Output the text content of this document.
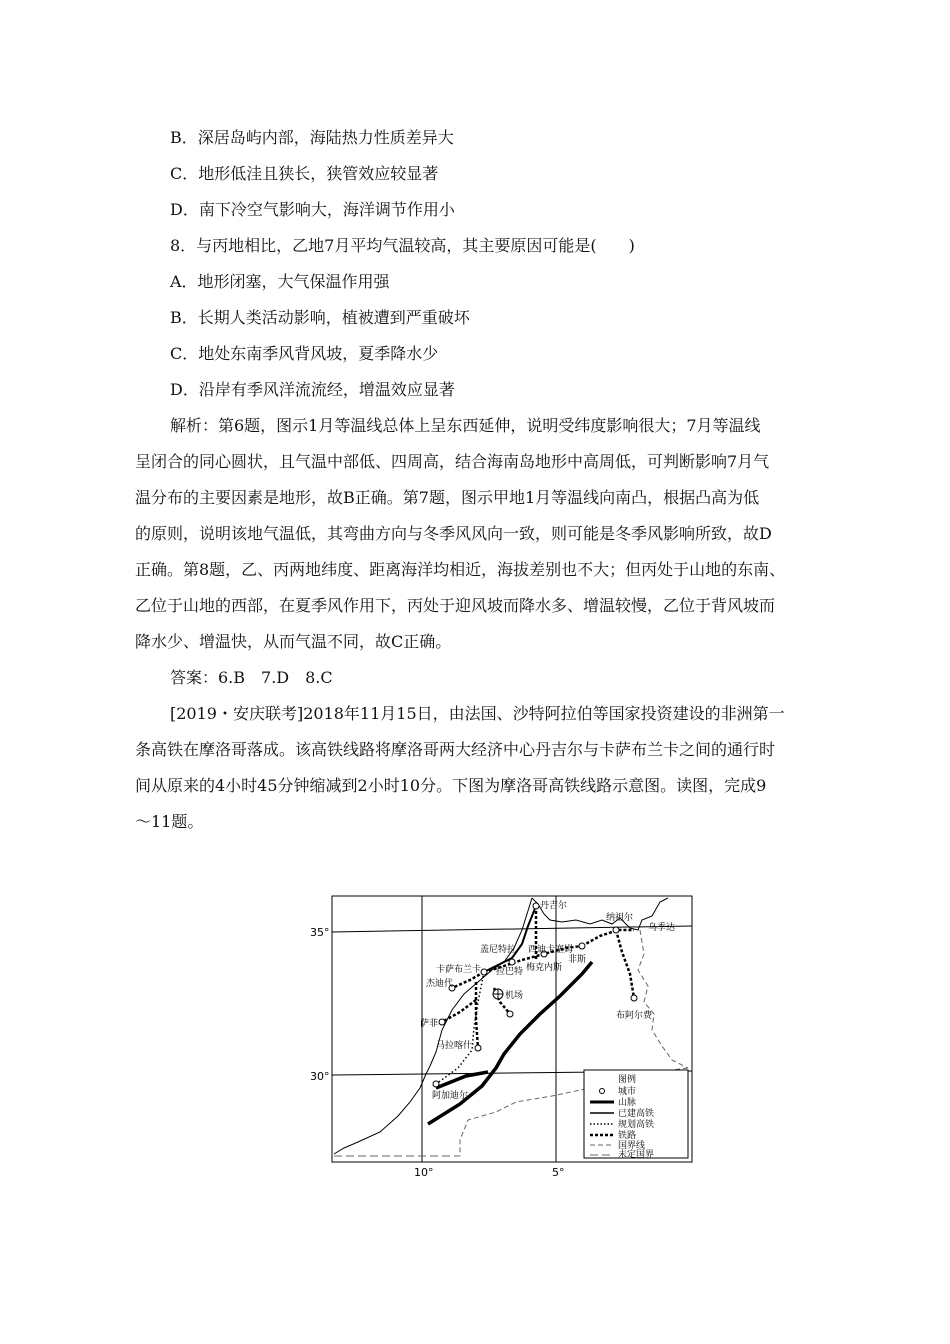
B．深居岛屿内部，海陆热力性质差异大
C．地形低洼且狭长，狭管效应较显著
D．南下冷空气影响大，海洋调节作用小
8．与丙地相比，乙地7月平均气温较高，其主要原因可能是(　　)
A．地形闭塞，大气保温作用强
B．长期人类活动影响，植被遭到严重破坏
C．地处东南季风背风坡，夏季降水少
D．沿岸有季风洋流流经，增温效应显著
解析：第6题，图示1月等温线总体上呈东西延伸，说明受纬度影响很大；7月等温线
呈闭合的同心圆状，且气温中部低、四周高，结合海南岛地形中高周低，可判断影响7月气
温分布的主要因素是地形，故B正确。第7题，图示甲地1月等温线向南凸，根据凸高为低
的原则，说明该地气温低，其弯曲方向与冬季风风向一致，则可能是冬季风影响所致，故D
正确。第8题，乙、丙两地纬度、距离海洋均相近，海拔差别也不大；但丙处于山地的东南、
乙位于山地的西部，在夏季风作用下，丙处于迎风坡而降水多、增温较慢，乙位于背风坡而
降水少、增温快，从而气温不同，故C正确。
答案：6.B　7.D　8.C
[2019・安庆联考]2018年11月15日，由法国、沙特阿拉伯等国家投资建设的非洲第一
条高铁在摩洛哥落成。该高铁线路将摩洛哥两大经济中心丹吉尔与卡萨布兰卡之间的通行时
间从原来的4小时45分钟缩减到2小时10分。下图为摩洛哥高铁线路示意图。读图，完成9
～11题。
35°
30°
10°	5°
丹吉尔
纳祖尔
乌季达
盖尼特拉 西迪卡塞姆
非斯
卡萨布兰卡 拉巴特 梅克内斯
杰迪代
机场
萨菲
布阿尔费
马拉喀什
阿加迪尔
图例
城市
山脉
已建高铁
规划高铁
铁路
国界线
未定国界
